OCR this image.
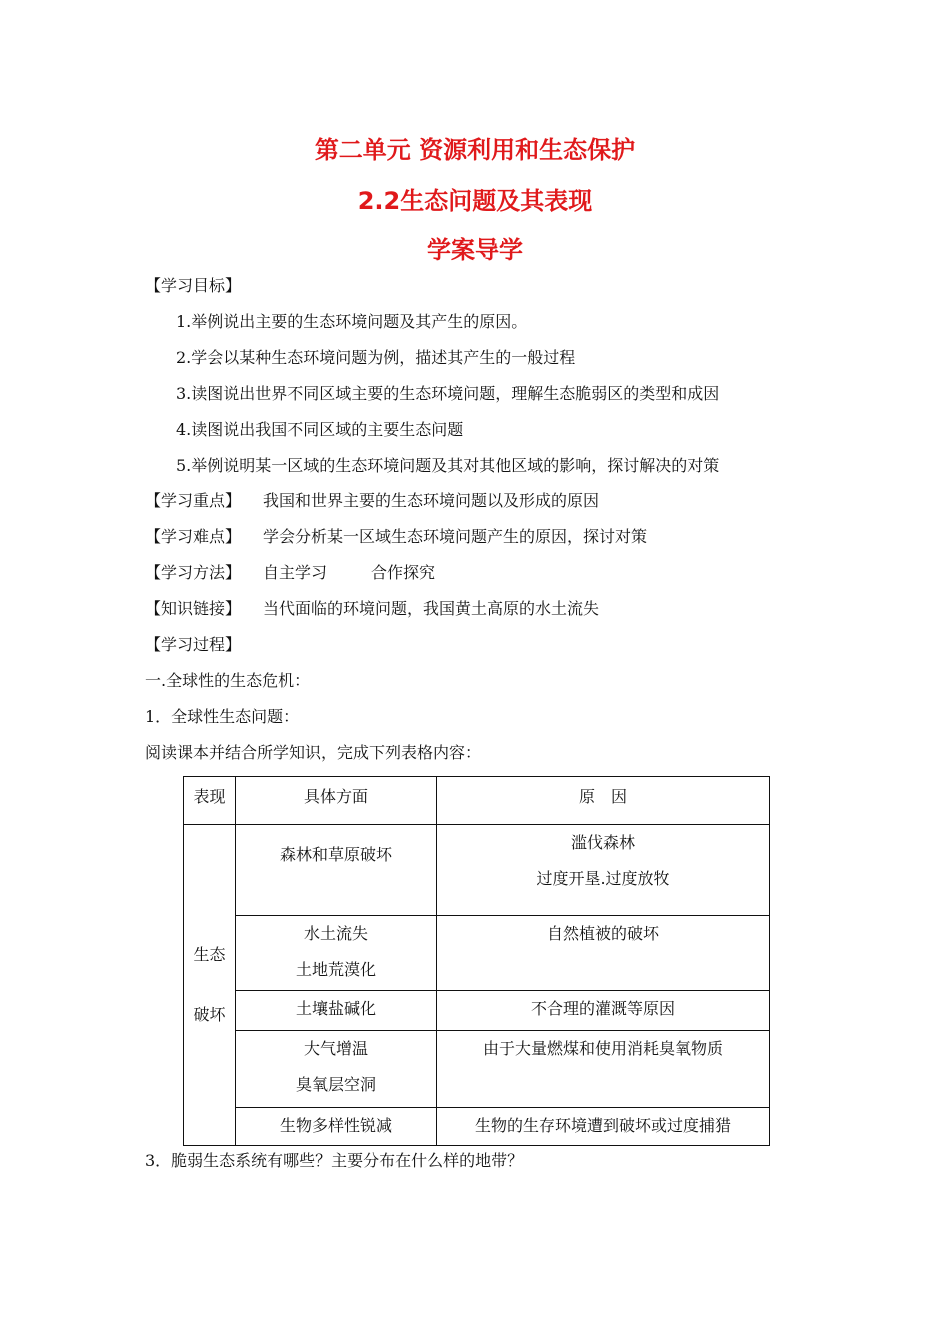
第二单元 资源利用和生态保护
2.2生态问题及其表现
学案导学
【学习目标】
1.举例说出主要的生态环境问题及其产生的原因。
2.学会以某种生态环境问题为例，描述其产生的一般过程
3.读图说出世界不同区域主要的生态环境问题，理解生态脆弱区的类型和成因
4.读图说出我国不同区域的主要生态问题
5.举例说明某一区域的生态环境问题及其对其他区域的影响，探讨解决的对策
【学习重点】 我国和世界主要的生态环境问题以及形成的原因
【学习难点】 学会分析某一区域生态环境问题产生的原因，探讨对策
【学习方法】 自主学习	合作探究
【知识链接】 当代面临的环境问题，我国黄土高原的水土流失
【学习过程】
一.全球性的生态危机：
1．全球性生态问题：
阅读课本并结合所学知识，完成下列表格内容：
表现	具体方面	原　因

生态
破坏	森林和草原破坏	滥伐森林
过度开垦.过度放牧

	水土流失
土地荒漠化	自然植被的破坏

	土壤盐碱化	不合理的灌溉等原因

	大气增温
臭氧层空洞	由于大量燃煤和使用消耗臭氧物质

	生物多样性锐减	生物的生存环境遭到破坏或过度捕猎
3．脆弱生态系统有哪些？主要分布在什么样的地带？
